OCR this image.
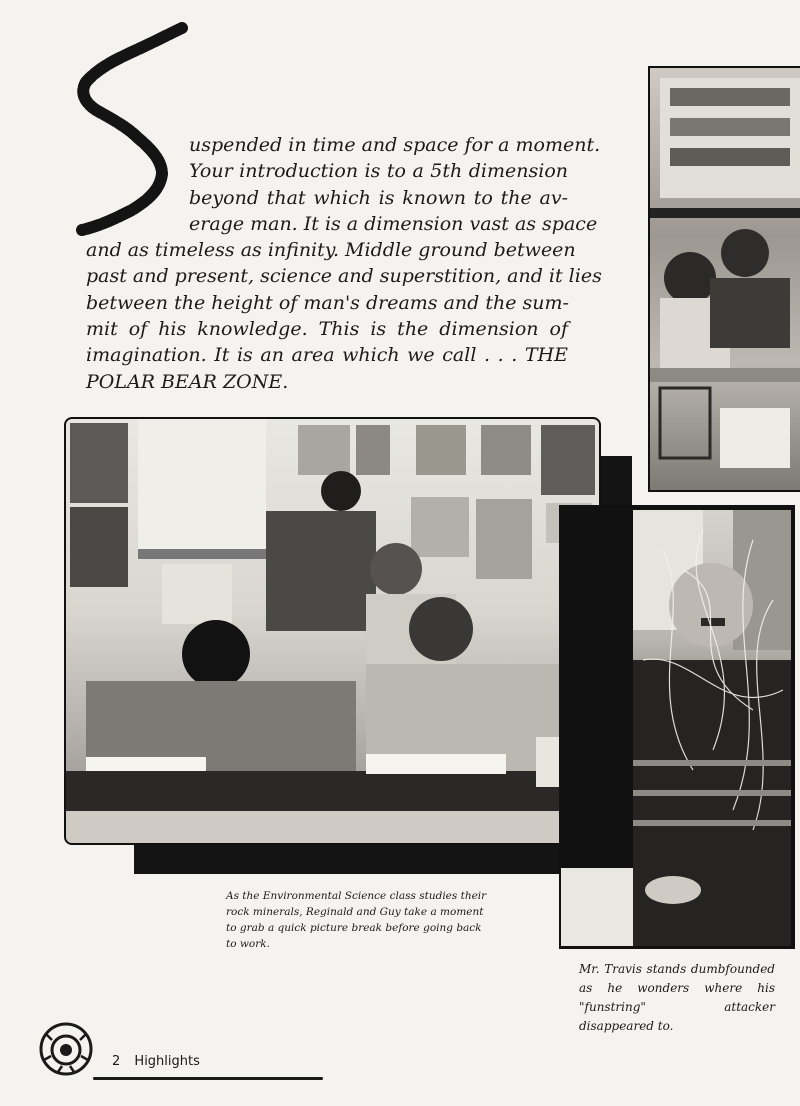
uspended in time and space for a moment.
Your introduction is to a 5th dimension
beyond that which is known to the av-
erage man. It is a dimension vast as space
and as timeless as infinity. Middle ground between
past and present, science and superstition, and it lies
between the height of man's dreams and the sum-
mit of his knowledge. This is the dimension of
imagination. It is an area which we call . . . THE
POLAR BEAR ZONE.
As the Environmental Science class studies their rock minerals, Reginald and Guy take a moment to grab a quick picture break before going back to work.
Mr. Travis stands dumbfounded as he wonders where his "funstring" attacker disappeared to.
2 Highlights
